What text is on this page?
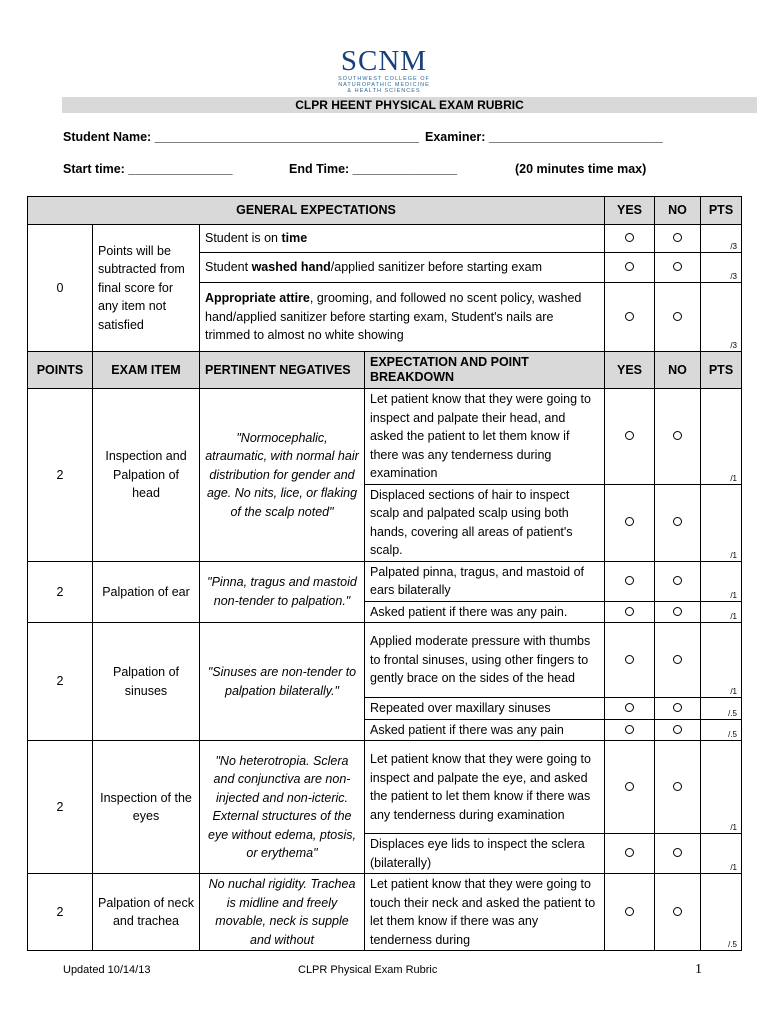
SCNM
SOUTHWEST COLLEGE OF
NATUROPATHIC MEDICINE
& HEALTH SCIENCES
CLPR HEENT PHYSICAL EXAM RUBRIC
Student Name: ______________________________________ Examiner: _________________________
Start time: _______________	End Time: _______________	(20 minutes time max)
GENERAL EXPECTATIONS				YES	NO	PTS
0	Points will be subtracted from final score for any item not satisfied	Student is on time				/3

		Student washed hand/applied sanitizer before starting exam				/3

		Appropriate attire, grooming, and followed no scent policy, washed hand/applied sanitizer before starting exam, Student's nails are trimmed to almost no white showing				/3

POINTS	EXAM ITEM	PERTINENT NEGATIVES	EXPECTATION AND POINT BREAKDOWN	YES	NO	PTS
2	Inspection and Palpation of head	"Normocephalic, atraumatic, with normal hair distribution for gender and age. No nits, lice, or flaking of the scalp noted"	Let patient know that they were going to inspect and palpate their head, and asked the patient to let them know if there was any tenderness during examination			/1

			Displaced sections of hair to inspect scalp and palpated scalp using both hands, covering all areas of patient's scalp.			/1

2	Palpation of ear	"Pinna, tragus and mastoid non-tender to palpation."	Palpated pinna, tragus, and mastoid of ears bilaterally			/1

			Asked patient if there was any pain.			/1

2	Palpation of sinuses	"Sinuses are non-tender to palpation bilaterally."	Applied moderate pressure with thumbs to frontal sinuses, using other fingers to gently brace on the sides of the head			/1

			Repeated over maxillary sinuses			/.5

			Asked patient if there was any pain			/.5

2	Inspection of the eyes	"No heterotropia. Sclera and conjunctiva are non-injected and non-icteric. External structures of the eye without edema, ptosis, or erythema"	Let patient know that they were going to inspect and palpate the eye, and asked the patient to let them know if there was any tenderness during examination			/1

			Displaces eye lids to inspect the sclera (bilaterally)			/1

2	Palpation of neck and trachea	No nuchal rigidity. Trachea is midline and freely movable, neck is supple and without	Let patient know that they were going to touch their neck and asked the patient to let them know if there was any tenderness during			/.5
Updated 10/14/13	CLPR Physical Exam Rubric	1
